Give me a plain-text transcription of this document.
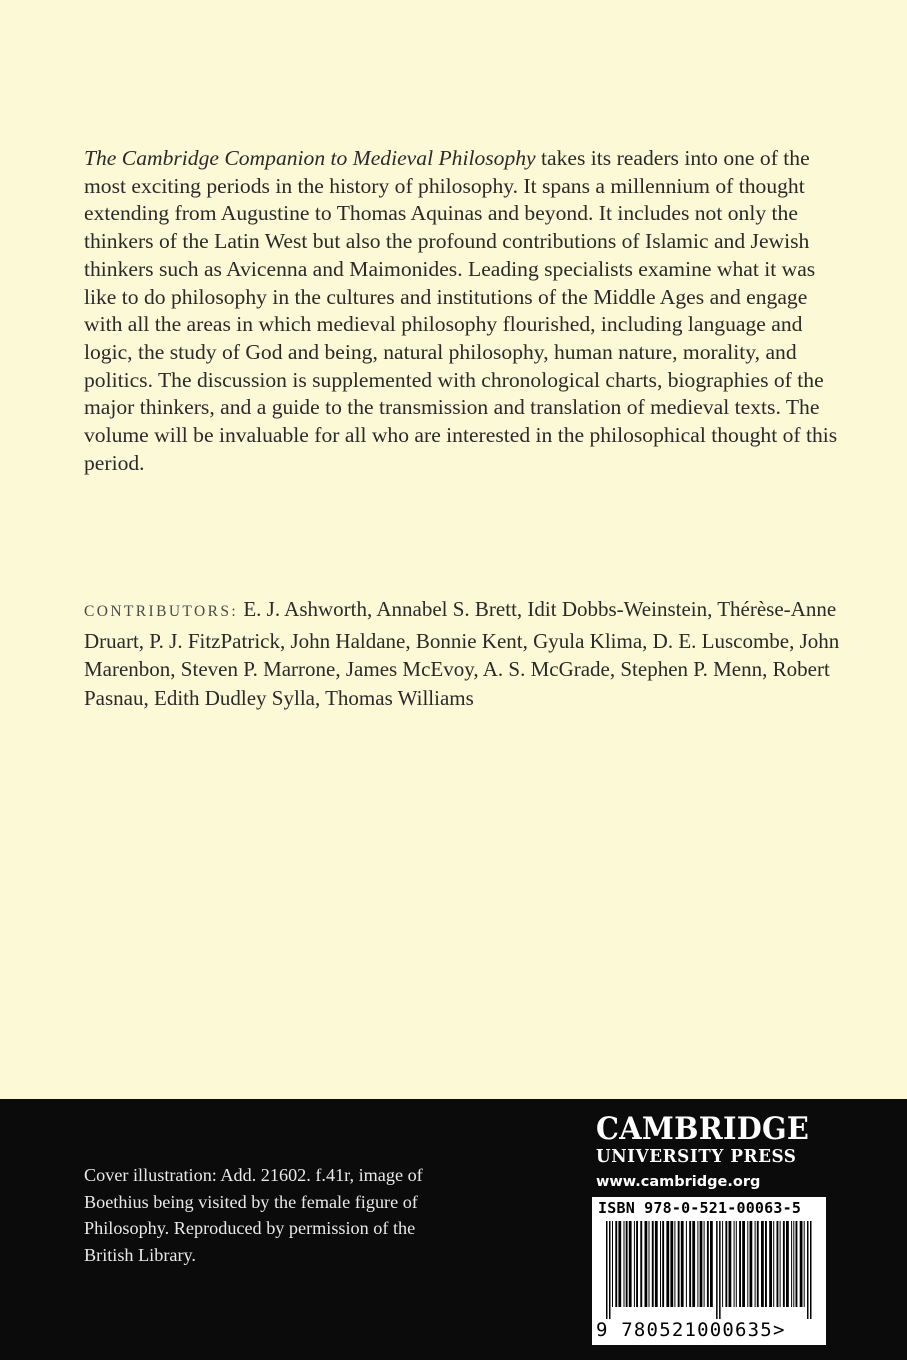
The Cambridge Companion to Medieval Philosophy takes its readers into one of the most exciting periods in the history of philosophy. It spans a millennium of thought extending from Augustine to Thomas Aquinas and beyond. It includes not only the thinkers of the Latin West but also the profound contributions of Islamic and Jewish thinkers such as Avicenna and Maimonides. Leading specialists examine what it was like to do philosophy in the cultures and institutions of the Middle Ages and engage with all the areas in which medieval philosophy flourished, including language and logic, the study of God and being, natural philosophy, human nature, morality, and politics. The discussion is supplemented with chronological charts, biographies of the major thinkers, and a guide to the transmission and translation of medieval texts. The volume will be invaluable for all who are interested in the philosophical thought of this period.

CONTRIBUTORS: E. J. Ashworth, Annabel S. Brett, Idit Dobbs-Weinstein, Thérèse-Anne Druart, P. J. FitzPatrick, John Haldane, Bonnie Kent, Gyula Klima, D. E. Luscombe, John Marenbon, Steven P. Marrone, James McEvoy, A. S. McGrade, Stephen P. Menn, Robert Pasnau, Edith Dudley Sylla, Thomas Williams

Cover illustration: Add. 21602. f.41r, image of Boethius being visited by the female figure of Philosophy. Reproduced by permission of the British Library.

CAMBRIDGE
UNIVERSITY PRESS
www.cambridge.org
ISBN 978-0-521-00063-5
9 780521000635>
